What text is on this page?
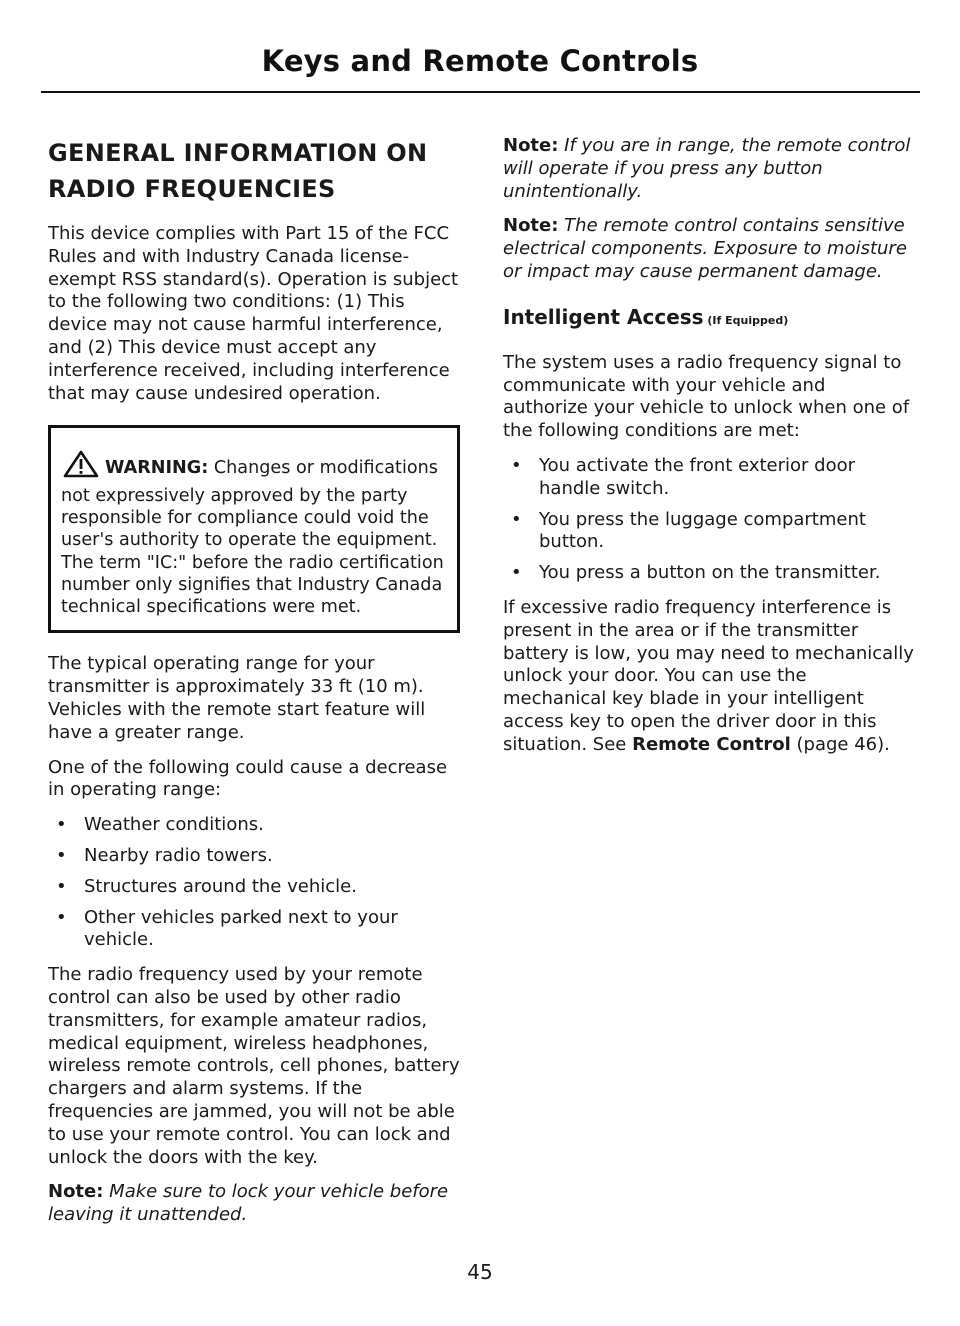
Keys and Remote Controls
GENERAL INFORMATION ON
RADIO FREQUENCIES

This device complies with Part 15 of the FCC Rules and with Industry Canada license-exempt RSS standard(s). Operation is subject to the following two conditions: (1) This device may not cause harmful interference, and (2) This device must accept any interference received, including interference that may cause undesired operation.

WARNING: Changes or modifications not expressively approved by the party responsible for compliance could void the user's authority to operate the equipment. The term "IC:" before the radio certification number only signifies that Industry Canada technical specifications were met.

The typical operating range for your transmitter is approximately 33 ft (10 m). Vehicles with the remote start feature will have a greater range.

One of the following could cause a decrease in operating range:

• Weather conditions.
• Nearby radio towers.
• Structures around the vehicle.
• Other vehicles parked next to your vehicle.

The radio frequency used by your remote control can also be used by other radio transmitters, for example amateur radios, medical equipment, wireless headphones, wireless remote controls, cell phones, battery chargers and alarm systems. If the frequencies are jammed, you will not be able to use your remote control. You can lock and unlock the doors with the key.

Note: Make sure to lock your vehicle before leaving it unattended.

Note: If you are in range, the remote control will operate if you press any button unintentionally.

Note: The remote control contains sensitive electrical components. Exposure to moisture or impact may cause permanent damage.

Intelligent Access (If Equipped)

The system uses a radio frequency signal to communicate with your vehicle and authorize your vehicle to unlock when one of the following conditions are met:

• You activate the front exterior door handle switch.
• You press the luggage compartment button.
• You press a button on the transmitter.

If excessive radio frequency interference is present in the area or if the transmitter battery is low, you may need to mechanically unlock your door. You can use the mechanical key blade in your intelligent access key to open the driver door in this situation. See Remote Control (page 46).

45
